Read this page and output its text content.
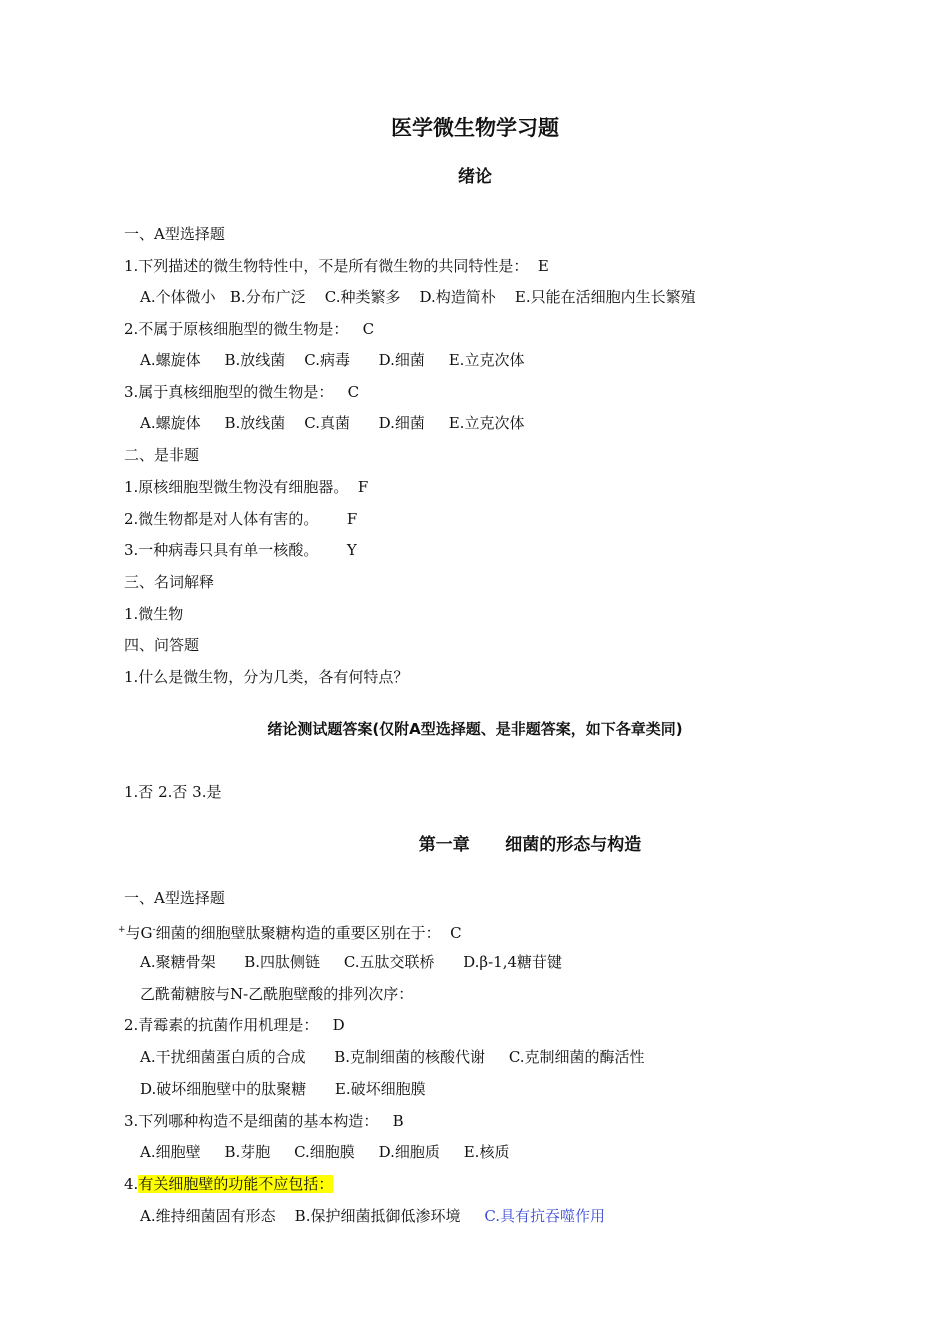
医学微生物学习题
绪论
一、A型选择题
1.下列描述的微生物特性中，不是所有微生物的共同特性是：  E
A.个体微小   B.分布广泛    C.种类繁多    D.构造简朴    E.只能在活细胞内生长繁殖
2.不属于原核细胞型的微生物是：   C
A.螺旋体     B.放线菌    C.病毒      D.细菌     E.立克次体
3.属于真核细胞型的微生物是：   C
A.螺旋体     B.放线菌    C.真菌      D.细菌     E.立克次体
二、是非题
1.原核细胞型微生物没有细胞器。  F
2.微生物都是对人体有害的。      F
3.一种病毒只具有单一核酸。      Y
三、名词解释
1.微生物
四、问答题
1.什么是微生物，分为几类，各有何特点？
绪论测试题答案(仅附A型选择题、是非题答案，如下各章类同)
1.否 2.否 3.是
第一章      细菌的形态与构造
一、A型选择题
+与G-细菌的细胞壁肽聚糖构造的重要区别在于：  C
A.聚糖骨架      B.四肽侧链     C.五肽交联桥      D.β-1,4糖苷键
乙酰葡糖胺与N-乙酰胞壁酸的排列次序：
2.青霉素的抗菌作用机理是：   D
A.干扰细菌蛋白质的合成      B.克制细菌的核酸代谢     C.克制细菌的酶活性
D.破坏细胞壁中的肽聚糖      E.破坏细胞膜
3.下列哪种构造不是细菌的基本构造：   B
A.细胞壁     B.芽胞     C.细胞膜     D.细胞质     E.核质
4.有关细胞壁的功能不应包括：
A.维持细菌固有形态    B.保护细菌抵御低渗环境     C.具有抗吞噬作用
